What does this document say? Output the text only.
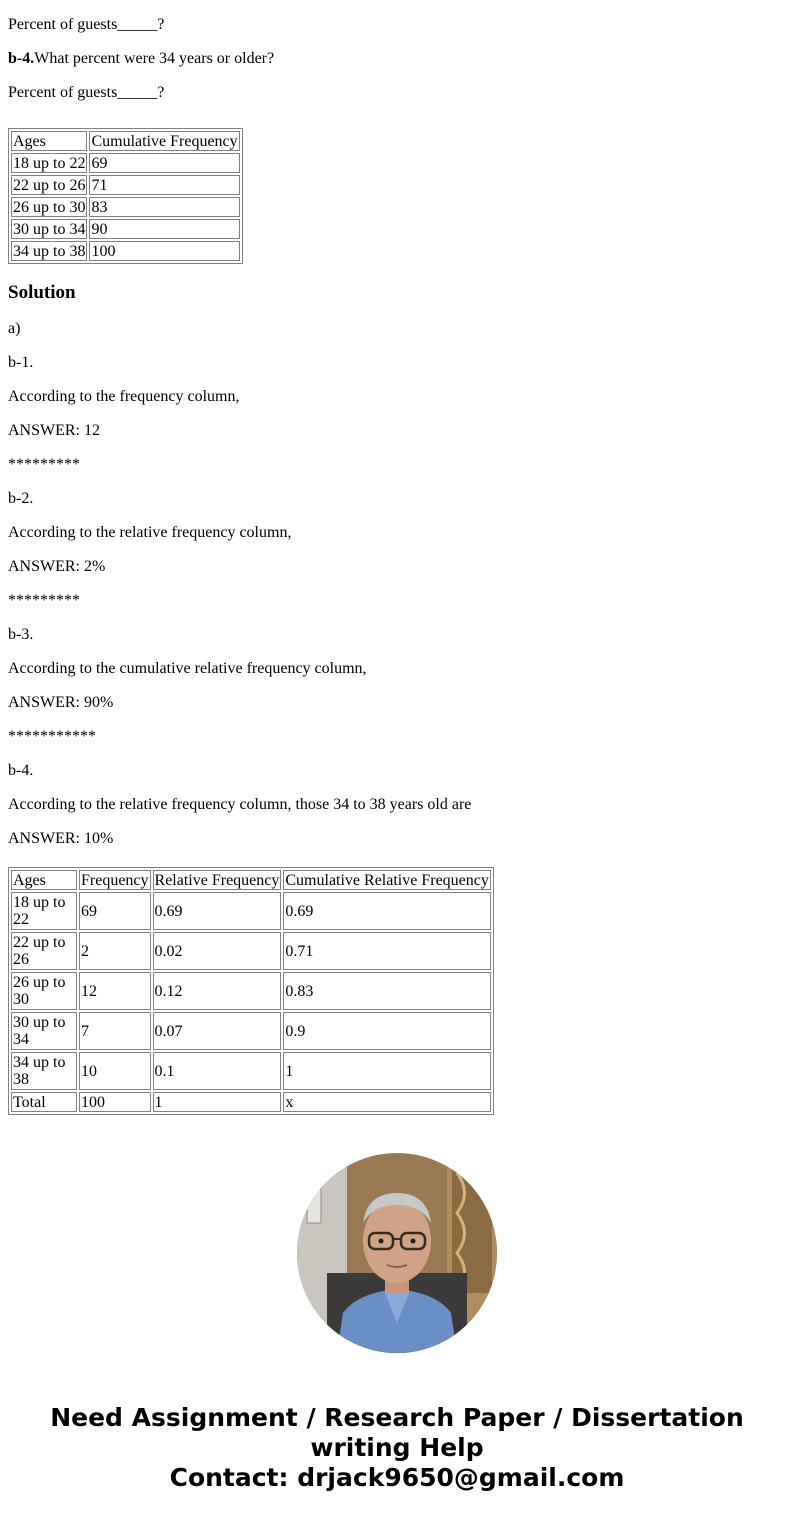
Percent of guests_____?

b-4.What percent were 34 years or older?

Percent of guests_____?

Ages	Cumulative Frequency
18 up to 22	69
22 up to 26	71
26 up to 30	83
30 up to 34	90
34 up to 38	100
Solution

a)

b-1.

According to the frequency column,

ANSWER: 12

*********

b-2.

According to the relative frequency column,

ANSWER: 2%

*********

b-3.

According to the cumulative relative frequency column,

ANSWER: 90%

***********

b-4.

According to the relative frequency column, those 34 to 38 years old are

ANSWER: 10%

Ages	Frequency	Relative Frequency	Cumulative Relative Frequency
18 up to 22	69	0.69	0.69
22 up to 26	2	0.02	0.71
26 up to 30	12	0.12	0.83
30 up to 34	7	0.07	0.9
34 up to 38	10	0.1	1
Total	100	1	x
Need Assignment / Research Paper / Dissertation writing Help
Contact: drjack9650@gmail.com
